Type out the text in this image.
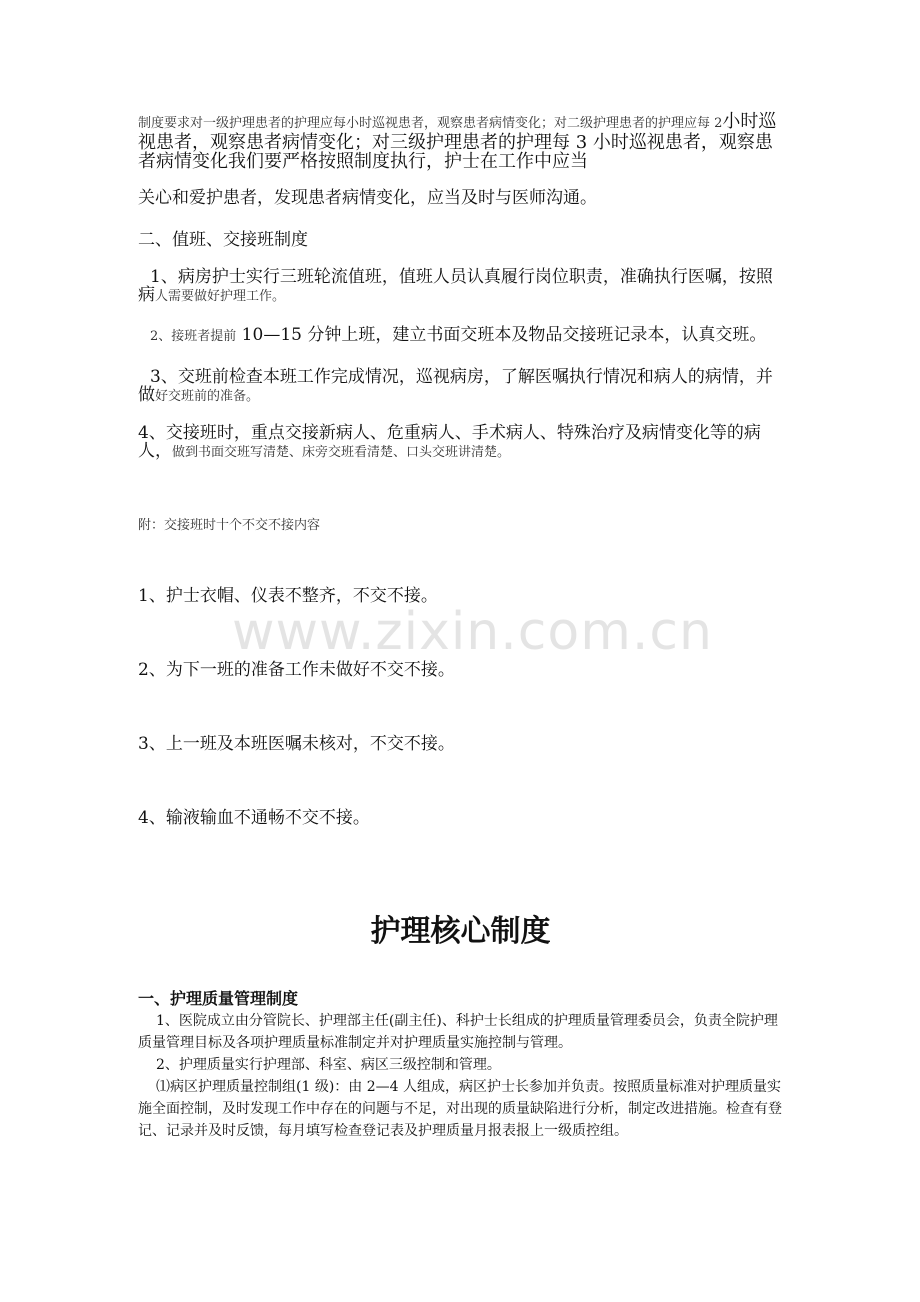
制度要求对一级护理患者的护理应每小时巡视患者，观察患者病情变化；对二级护理患者的护理应每 2小时巡视患者，观察患者病情变化；对三级护理患者的护理每 3 小时巡视患者，观察患者病情变化我们要严格按照制度执行，护士在工作中应当

关心和爱护患者，发现患者病情变化，应当及时与医师沟通。

二、值班、交接班制度

1、病房护士实行三班轮流值班，值班人员认真履行岗位职责，准确执行医嘱，按照病人需要做好护理工作。

2、接班者提前 10—15 分钟上班，建立书面交班本及物品交接班记录本，认真交班。

3、交班前检查本班工作完成情况，巡视病房，了解医嘱执行情况和病人的病情，并做好交班前的准备。

4、交接班时，重点交接新病人、危重病人、手术病人、特殊治疗及病情变化等的病人，做到书面交班写清楚、床旁交班看清楚、口头交班讲清楚。

附：交接班时十个不交不接内容

1、护士衣帽、仪表不整齐，不交不接。

2、为下一班的准备工作未做好不交不接。

3、上一班及本班医嘱未核对，不交不接。

4、输液输血不通畅不交不接。

www.zixin.com.cn
护理核心制度
一、护理质量管理制度

1、医院成立由分管院长、护理部主任(副主任)、科护士长组成的护理质量管理委员会，负责全院护理质量管理目标及各项护理质量标准制定并对护理质量实施控制与管理。

2、护理质量实行护理部、科室、病区三级控制和管理。

⑴病区护理质量控制组(1 级)：由 2—4 人组成，病区护士长参加并负责。按照质量标准对护理质量实施全面控制，及时发现工作中存在的问题与不足，对出现的质量缺陷进行分析，制定改进措施。检查有登记、记录并及时反馈，每月填写检查登记表及护理质量月报表报上一级质控组。
